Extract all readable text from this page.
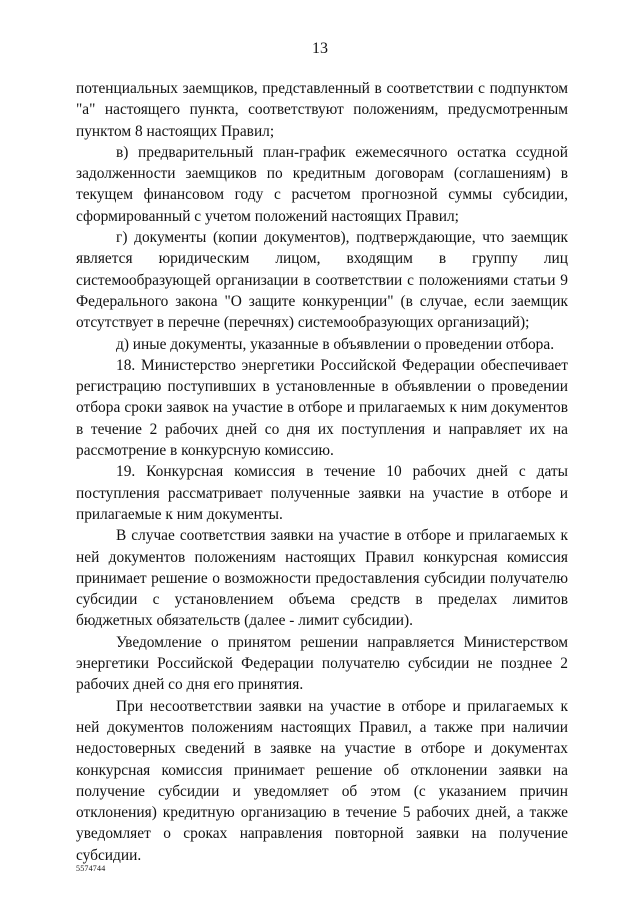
13

потенциальных заемщиков, представленный в соответствии с подпунктом "а" настоящего пункта, соответствуют положениям, предусмотренным пунктом 8 настоящих Правил;

в) предварительный план-график ежемесячного остатка ссудной задолженности заемщиков по кредитным договорам (соглашениям) в текущем финансовом году с расчетом прогнозной суммы субсидии, сформированный с учетом положений настоящих Правил;

г) документы (копии документов), подтверждающие, что заемщик является юридическим лицом, входящим в группу лиц системообразующей организации в соответствии с положениями статьи 9 Федерального закона "О защите конкуренции" (в случае, если заемщик отсутствует в перечне (перечнях) системообразующих организаций);

д) иные документы, указанные в объявлении о проведении отбора.

18. Министерство энергетики Российской Федерации обеспечивает регистрацию поступивших в установленные в объявлении о проведении отбора сроки заявок на участие в отборе и прилагаемых к ним документов в течение 2 рабочих дней со дня их поступления и направляет их на рассмотрение в конкурсную комиссию.

19. Конкурсная комиссия в течение 10 рабочих дней с даты поступления рассматривает полученные заявки на участие в отборе и прилагаемые к ним документы.

В случае соответствия заявки на участие в отборе и прилагаемых к ней документов положениям настоящих Правил конкурсная комиссия принимает решение о возможности предоставления субсидии получателю субсидии с установлением объема средств в пределах лимитов бюджетных обязательств (далее - лимит субсидии).

Уведомление о принятом решении направляется Министерством энергетики Российской Федерации получателю субсидии не позднее 2 рабочих дней со дня его принятия.

При несоответствии заявки на участие в отборе и прилагаемых к ней документов положениям настоящих Правил, а также при наличии недостоверных сведений в заявке на участие в отборе и документах конкурсная комиссия принимает решение об отклонении заявки на получение субсидии и уведомляет об этом (с указанием причин отклонения) кредитную организацию в течение 5 рабочих дней, а также уведомляет о сроках направления повторной заявки на получение субсидии.

5574744
